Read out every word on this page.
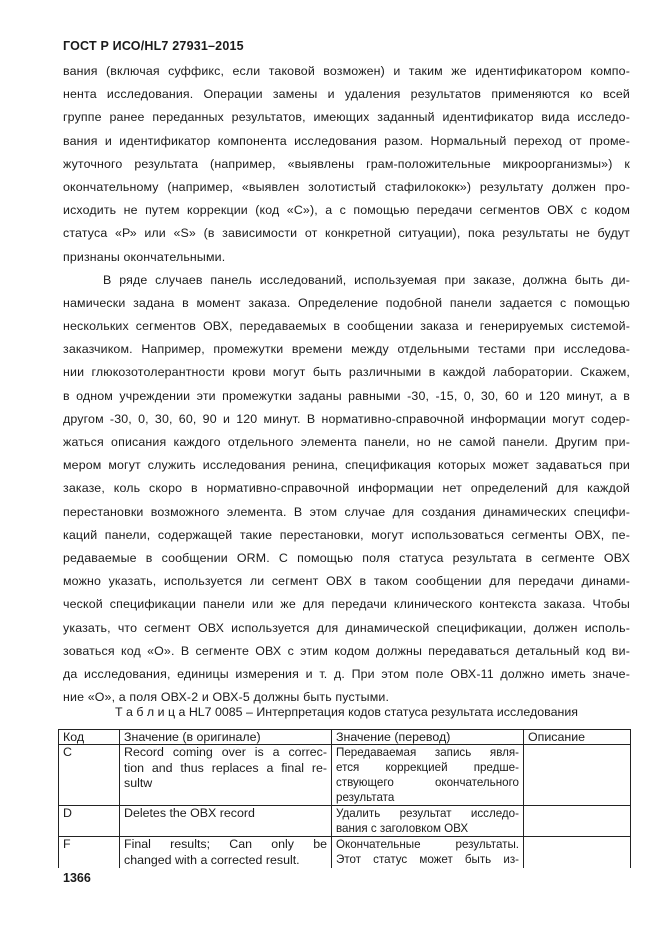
ГОСТ Р ИСО/HL7 27931–2015
вания (включая суффикс, если таковой возможен) и таким же идентификатором компо-
нента исследования. Операции замены и удаления результатов применяются ко всей
группе ранее переданных результатов, имеющих заданный идентификатор вида исследо-
вания и идентификатор компонента исследования разом. Нормальный переход от проме-
жуточного результата (например, «выявлены грам-положительные микроорганизмы») к
окончательному (например, «выявлен золотистый стафилококк») результату должен про-
исходить не путем коррекции (код «С»), а с помощью передачи сегментов ОВХ с кодом
статуса «Р» или «S» (в зависимости от конкретной ситуации), пока результаты не будут
признаны окончательными.
В ряде случаев панель исследований, используемая при заказе, должна быть ди-
намически задана в момент заказа. Определение подобной панели задается с помощью
нескольких сегментов ОВХ, передаваемых в сообщении заказа и генерируемых системой-
заказчиком. Например, промежутки времени между отдельными тестами при исследова-
нии глюкозотолерантности крови могут быть различными в каждой лаборатории. Скажем,
в одном учреждении эти промежутки заданы равными -30, -15, 0, 30, 60 и 120 минут, а в
другом -30, 0, 30, 60, 90 и 120 минут. В нормативно-справочной информации могут содер-
жаться описания каждого отдельного элемента панели, но не самой панели. Другим при-
мером могут служить исследования ренина, спецификация которых может задаваться при
заказе, коль скоро в нормативно-справочной информации нет определений для каждой
перестановки возможного элемента. В этом случае для создания динамических специфи-
каций панели, содержащей такие перестановки, могут использоваться сегменты ОВХ, пе-
редаваемые в сообщении ORM. С помощью поля статуса результата в сегменте ОВХ
можно указать, используется ли сегмент ОВХ в таком сообщении для передачи динами-
ческой спецификации панели или же для передачи клинического контекста заказа. Чтобы
указать, что сегмент ОВХ используется для динамической спецификации, должен исполь-
зоваться код «О». В сегменте ОВХ с этим кодом должны передаваться детальный код ви-
да исследования, единицы измерения и т. д. При этом поле ОВХ-11 должно иметь значе-
ние «О», а поля ОВХ-2 и ОВХ-5 должны быть пустыми.
Т а б л и ц а HL7 0085 – Интерпретация кодов статуса результата исследования
Код	Значение (в оригинале)	Значение (перевод)	Описание
C	Record coming over is a correc-
tion and thus replaces a final re-
sultw	Передаваемая запись явля-
ется коррекцией предше-
ствующего окончательного
результата	

D	Deletes the OBX record	Удалить результат исследо-
вания с заголовком ОВХ	

F	Final results; Can only be
changed with a corrected result.	Окончательные результаты.
Этот статус может быть из-	

1366
